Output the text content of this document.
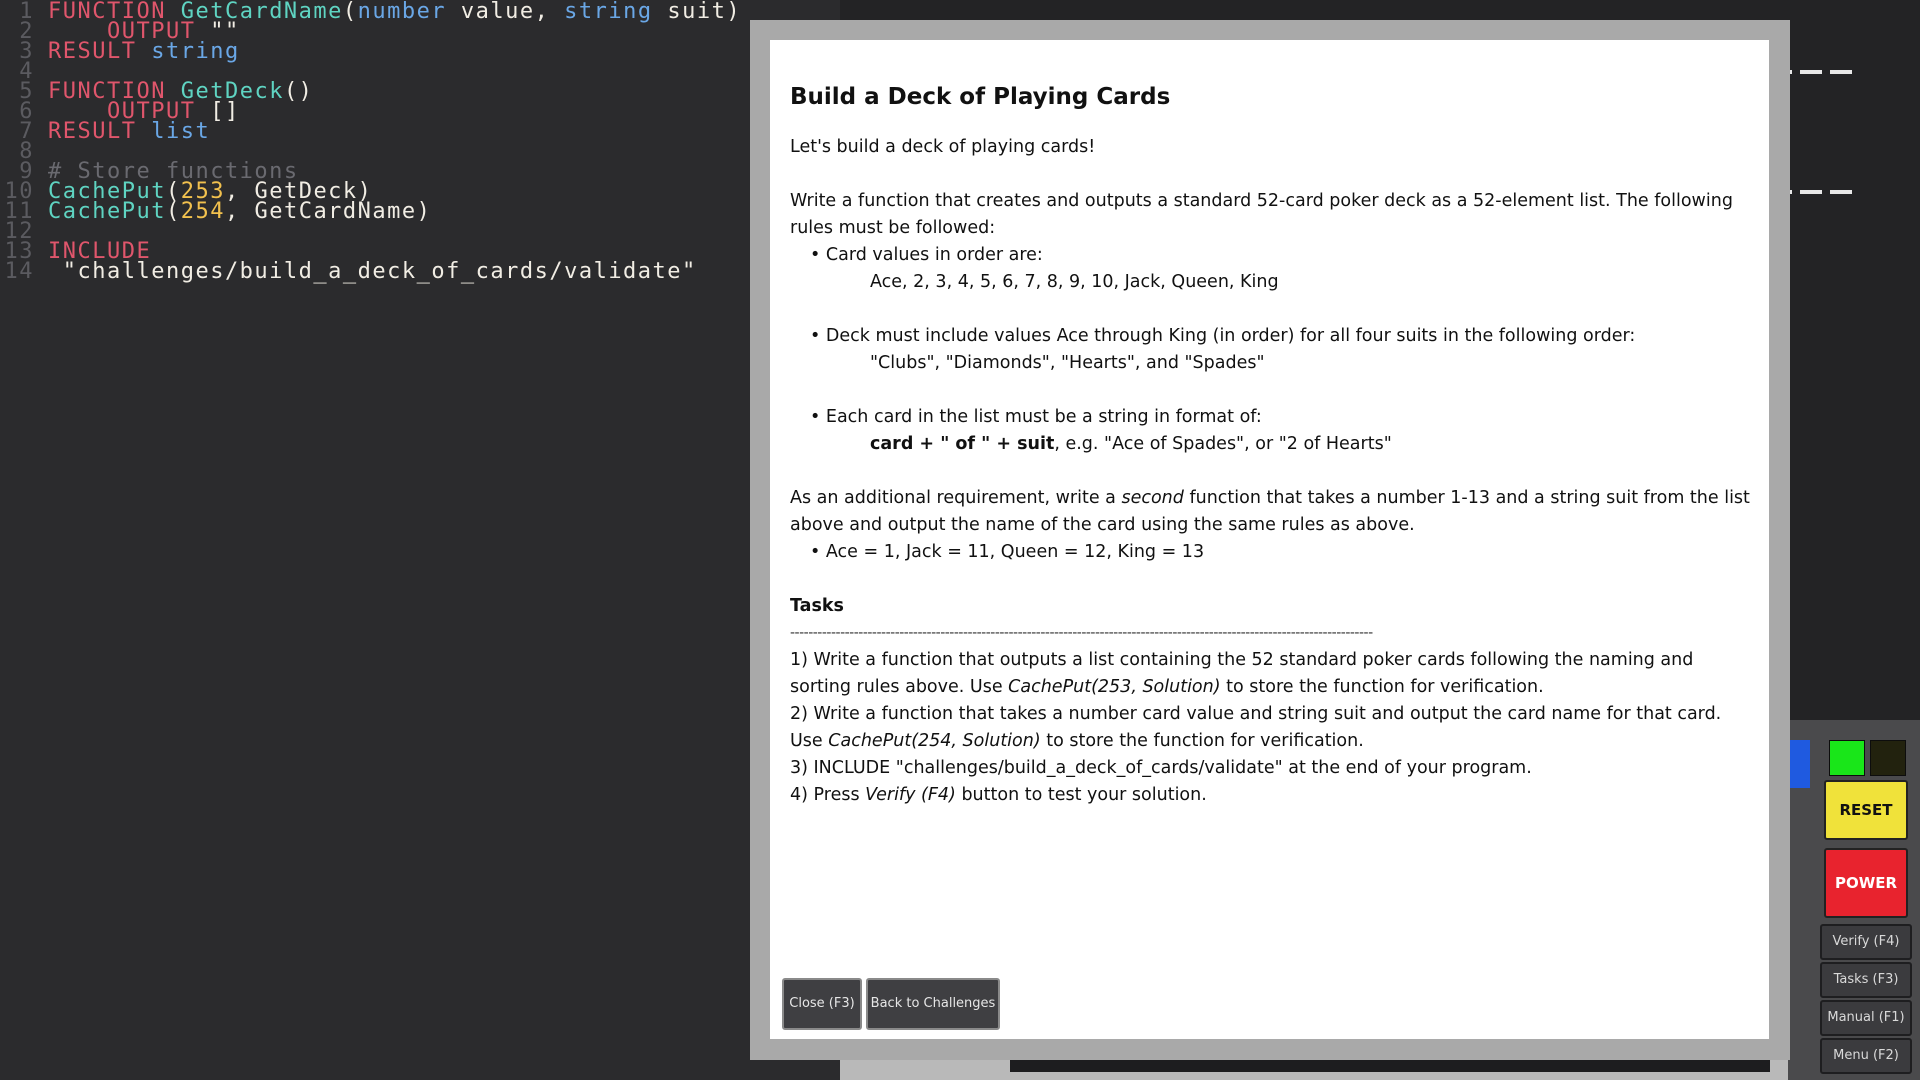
1 FUNCTION GetCardName(number value, string suit)
2	OUTPUT ""
3 RESULT string
4
5 FUNCTION GetDeck()
6	OUTPUT []
7 RESULT list
8
9 # Store functions
10 CachePut(253, GetDeck)
11 CachePut(254, GetCardName)
12
13 INCLUDE
14 "challenges/build_a_deck_of_cards/validate"
RESET
POWER
Verify (F4)
Tasks (F3)
Manual (F1)
Menu (F2)
Build a Deck of Playing Cards

Let's build a deck of playing cards!

Write a function that creates and outputs a standard 52-card poker deck as a 52-element list. The following rules must be followed:

• Card values in order are:

Ace, 2, 3, 4, 5, 6, 7, 8, 9, 10, Jack, Queen, King

• Deck must include values Ace through King (in order) for all four suits in the following order:

"Clubs", "Diamonds", "Hearts", and "Spades"

• Each card in the list must be a string in format of:

card + " of " + suit, e.g. "Ace of Spades", or "2 of Hearts"

As an additional requirement, write a second function that takes a number 1-13 and a string suit from the list above and output the name of the card using the same rules as above.

• Ace = 1, Jack = 11, Queen = 12, King = 13

Tasks

--------------------------------------------------------------------------------------------------------------------------------

1) Write a function that outputs a list containing the 52 standard poker cards following the naming and sorting rules above. Use CachePut(253, Solution) to store the function for verification.

2) Write a function that takes a number card value and string suit and output the card name for that card. Use CachePut(254, Solution) to store the function for verification.

3) INCLUDE "challenges/build_a_deck_of_cards/validate" at the end of your program.

4) Press Verify (F4) button to test your solution.

Close (F3)	Back to Challenges
